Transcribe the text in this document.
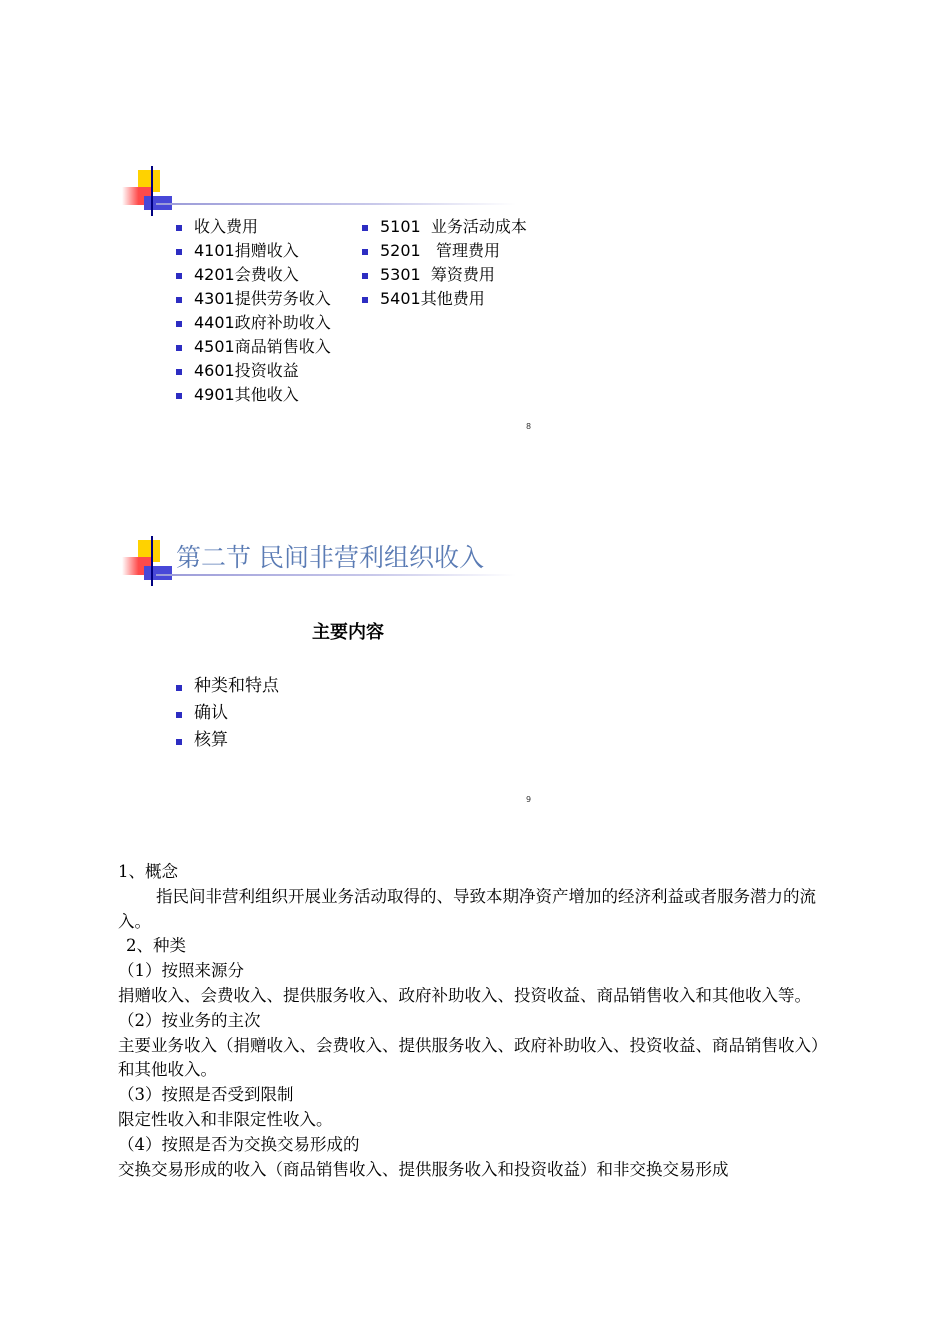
收入费用
4101捐赠收入
4201会费收入
4301提供劳务收入
4401政府补助收入
4501商品销售收入
4601投资收益
4901其他收入
5101  业务活动成本
5201   管理费用
5301  筹资费用
5401其他费用
8
第二节 民间非营利组织收入
主要内容
种类和特点
确认
核算
9

1、概念

指民间非营利组织开展业务活动取得的、导致本期净资产增加的经济利益或者服务潜力的流入。

2、种类

（1）按照来源分

捐赠收入、会费收入、提供服务收入、政府补助收入、投资收益、商品销售收入和其他收入等。

（2）按业务的主次

主要业务收入（捐赠收入、会费收入、提供服务收入、政府补助收入、投资收益、商品销售收入）和其他收入。

（3）按照是否受到限制

限定性收入和非限定性收入。

（4）按照是否为交换交易形成的

交换交易形成的收入（商品销售收入、提供服务收入和投资收益）和非交换交易形成
